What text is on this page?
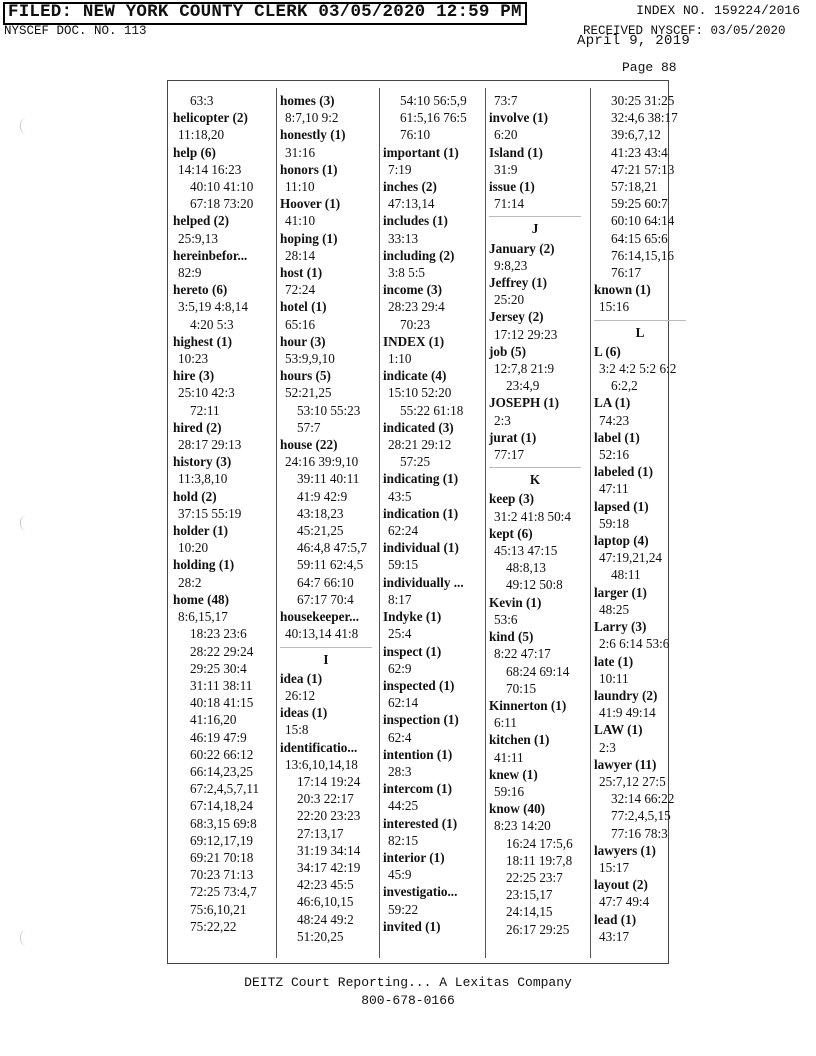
FILED: NEW YORK COUNTY CLERK 03/05/2020 12:59 PM	INDEX NO. 159224/2016
NYSCEF DOC. NO. 113	RECEIVED NYSCEF: 03/05/2020
April 9, 2019
Page 88
63:3
helicopter (2)
11:18,20
help (6)
14:14 16:23
40:10 41:10
67:18 73:20
helped (2)
25:9,13
hereinbefor...
82:9
hereto (6)
3:5,19 4:8,14
4:20 5:3
highest (1)
10:23
hire (3)
25:10 42:3
72:11
hired (2)
28:17 29:13
history (3)
11:3,8,10
hold (2)
37:15 55:19
holder (1)
10:20
holding (1)
28:2
home (48)
8:6,15,17
18:23 23:6
28:22 29:24
29:25 30:4
31:11 38:11
40:18 41:15
41:16,20
46:19 47:9
60:22 66:12
66:14,23,25
67:2,4,5,7,11
67:14,18,24
68:3,15 69:8
69:12,17,19
69:21 70:18
70:23 71:13
72:25 73:4,7
75:6,10,21
75:22,22
homes (3)
8:7,10 9:2
honestly (1)
31:16
honors (1)
11:10
Hoover (1)
41:10
hoping (1)
28:14
host (1)
72:24
hotel (1)
65:16
hour (3)
53:9,9,10
hours (5)
52:21,25
53:10 55:23
57:7
house (22)
24:16 39:9,10
39:11 40:11
41:9 42:9
43:18,23
45:21,25
46:4,8 47:5,7
59:11 62:4,5
64:7 66:10
67:17 70:4
housekeeper...
40:13,14 41:8
I
idea (1)
26:12
ideas (1)
15:8
identificatio...
13:6,10,14,18
17:14 19:24
20:3 22:17
22:20 23:23
27:13,17
31:19 34:14
34:17 42:19
42:23 45:5
46:6,10,15
48:24 49:2
51:20,25
54:10 56:5,9
61:5,16 76:5
76:10
important (1)
7:19
inches (2)
47:13,14
includes (1)
33:13
including (2)
3:8 5:5
income (3)
28:23 29:4
70:23
INDEX (1)
1:10
indicate (4)
15:10 52:20
55:22 61:18
indicated (3)
28:21 29:12
57:25
indicating (1)
43:5
indication (1)
62:24
individual (1)
59:15
individually ...
8:17
Indyke (1)
25:4
inspect (1)
62:9
inspected (1)
62:14
inspection (1)
62:4
intention (1)
28:3
intercom (1)
44:25
interested (1)
82:15
interior (1)
45:9
investigatio...
59:22
invited (1)
73:7
involve (1)
6:20
Island (1)
31:9
issue (1)
71:14
J
January (2)
9:8,23
Jeffrey (1)
25:20
Jersey (2)
17:12 29:23
job (5)
12:7,8 21:9
23:4,9
JOSEPH (1)
2:3
jurat (1)
77:17
K
keep (3)
31:2 41:8 50:4
kept (6)
45:13 47:15
48:8,13
49:12 50:8
Kevin (1)
53:6
kind (5)
8:22 47:17
68:24 69:14
70:15
Kinnerton (1)
6:11
kitchen (1)
41:11
knew (1)
59:16
know (40)
8:23 14:20
16:24 17:5,6
18:11 19:7,8
22:25 23:7
23:15,17
24:14,15
26:17 29:25
30:25 31:25
32:4,6 38:17
39:6,7,12
41:23 43:4
47:21 57:13
57:18,21
59:25 60:7
60:10 64:14
64:15 65:6
76:14,15,16
76:17
known (1)
15:16
L
L (6)
3:2 4:2 5:2 6:2
6:2,2
LA (1)
74:23
label (1)
52:16
labeled (1)
47:11
lapsed (1)
59:18
laptop (4)
47:19,21,24
48:11
larger (1)
48:25
Larry (3)
2:6 6:14 53:6
late (1)
10:11
laundry (2)
41:9 49:14
LAW (1)
2:3
lawyer (11)
25:7,12 27:5
32:14 66:22
77:2,4,5,15
77:16 78:3
lawyers (1)
15:17
layout (2)
47:7 49:4
lead (1)
43:17
DEITZ Court Reporting... A Lexitas Company
800-678-0166
